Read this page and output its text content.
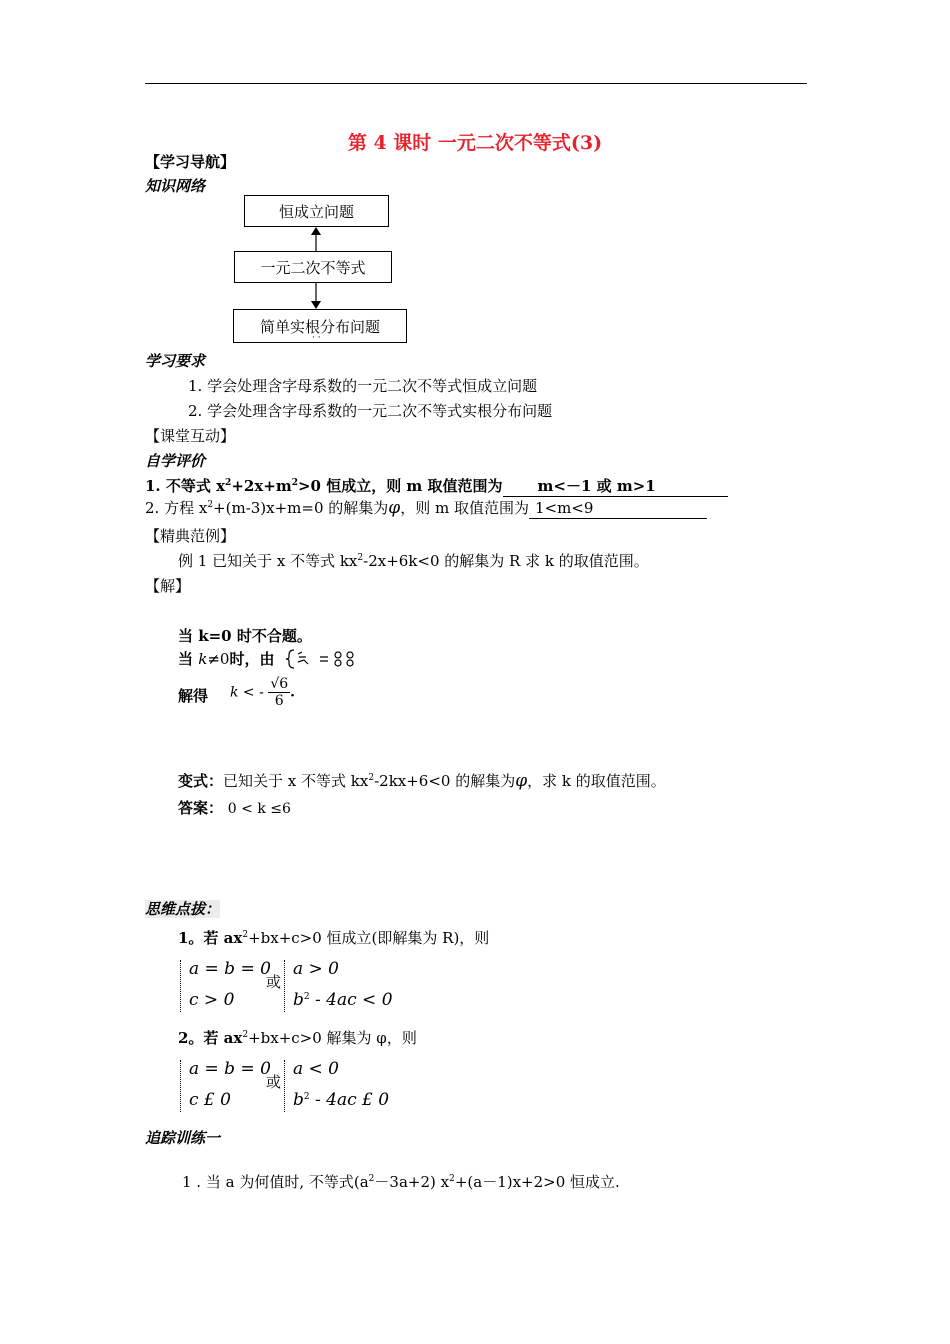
第 4 课时 一元二次不等式(3)
【学习导航】
知识网络
恒成立问题
一元二次不等式
简单实根分布问题
· ·
学习要求
1. 学会处理含字母系数的一元二次不等式恒成立问题
2. 学会处理含字母系数的一元二次不等式实根分布问题
【课堂互动】
自学评价
1. 不等式 $x^2+2x+m^2>0$ 恒成立，则 m 取值范围为 m<－1 或 m>1
2. 方程 $x^2+(m-3)x+m=0$ 的解集为φ，则 m 取值范围为 1<m<9
【精典范例】
例 1 已知关于 x 不等式 $kx^2-2x+6k<0$ 的解集为 R 求 k 的取值范围。
【解】
当 k=0 时不合题。
当 k≠0时，由
解得 k < - $\frac{√6}{6}$ .
变式：已知关于 x 不等式 $kx^2-2kx+6<0$ 的解集为φ，求 k 的取值范围。
答案： 0 < k ≤6
思维点拔：
1。若 $ax^2+bx+c>0$ 恒成立(即解集为 R)，则
a = b = 0
c > 0
或
a > 0
$b^2 - 4ac < 0$
2。若 $ax^2+bx+c>0$ 解集为 φ，则
a = b = 0
c £ 0
或
a < 0
$b^2 - 4ac$ £ 0
追踪训练一
1 . 当 a 为何值时, 不等式$(a^2-3a+2)$ $x^2+(a-1)x+2>0$ 恒成立.
